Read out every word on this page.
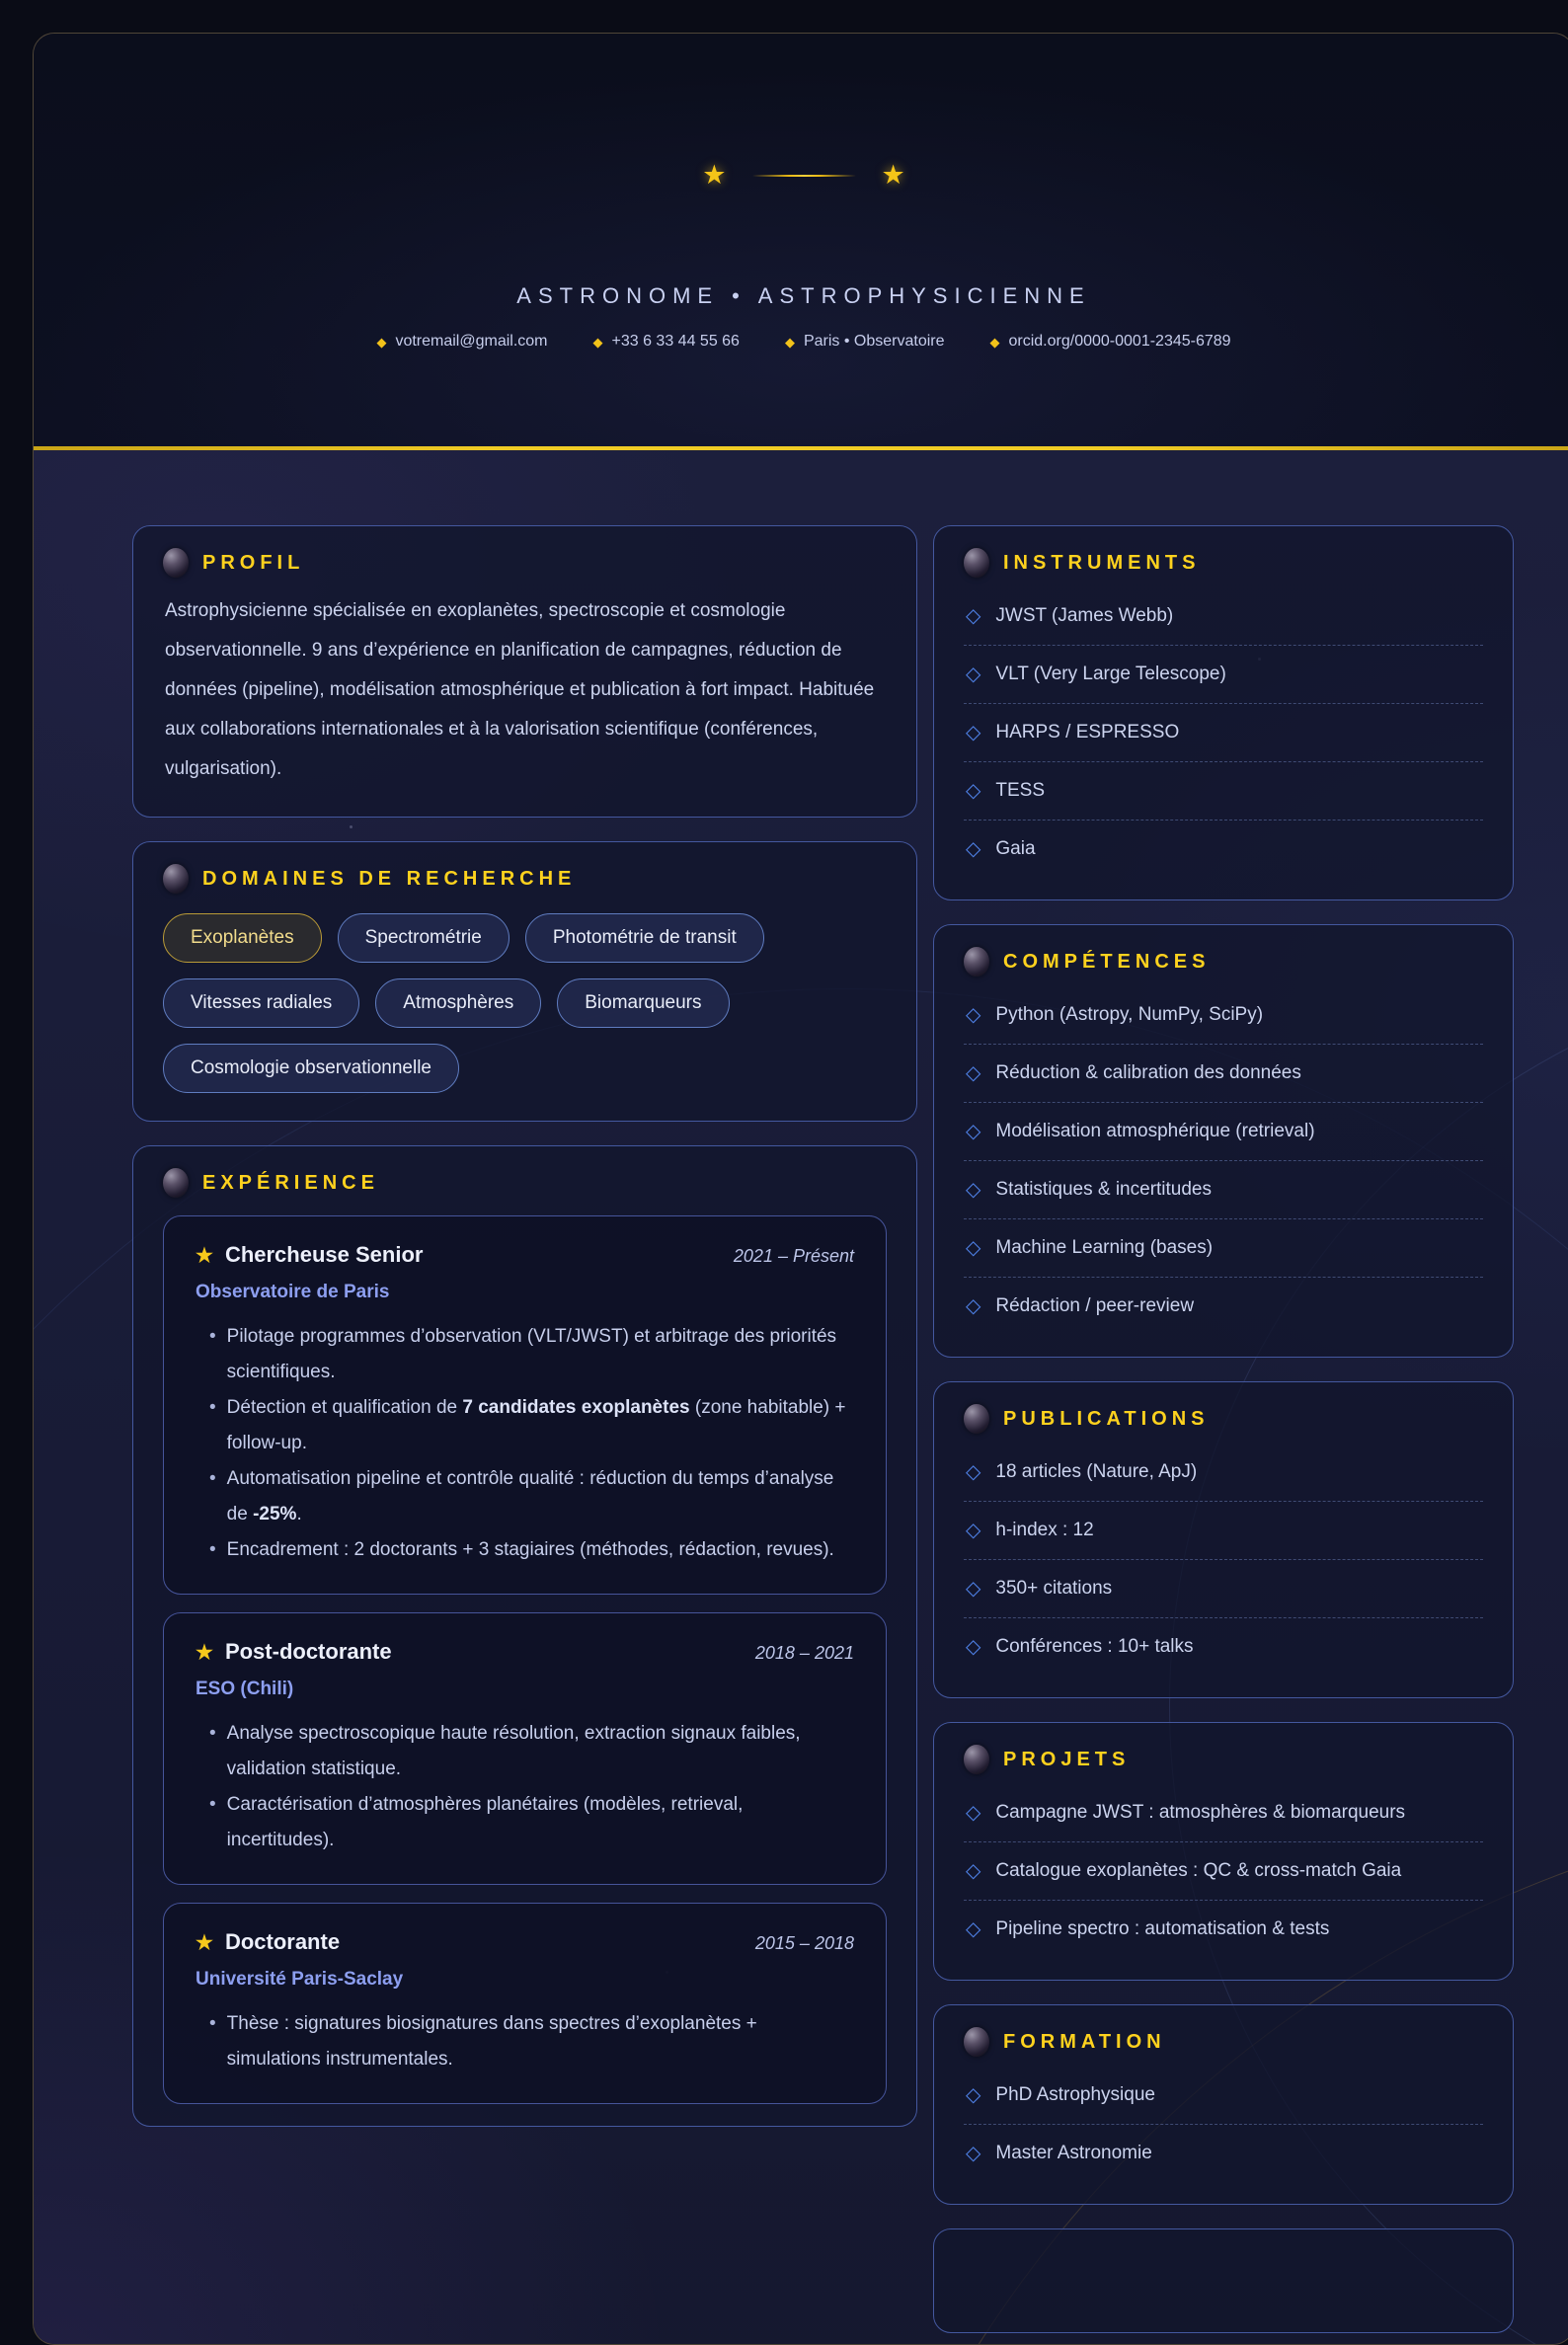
★	★
ASTRONOME • ASTROPHYSICIENNE
◆ votremail@gmail.com	◆ +33 6 33 44 55 66	◆ Paris • Observatoire	◆ orcid.org/0000-0001-2345-6789
PROFIL

Astrophysicienne spécialisée en exoplanètes, spectroscopie et cosmologie observationnelle. 9 ans d’expérience en planification de campagnes, réduction de données (pipeline), modélisation atmosphérique et publication à fort impact. Habituée aux collaborations internationales et à la valorisation scientifique (conférences, vulgarisation).

DOMAINES DE RECHERCHE
Exoplanètes	Spectrométrie	Photométrie de transit
Vitesses radiales	Atmosphères	Biomarqueurs
Cosmologie observationnelle
EXPÉRIENCE
★ Chercheuse Senior	2021 – Présent
Observatoire de Paris
• Pilotage programmes d’observation (VLT/JWST) et arbitrage des priorités scientifiques.
• Détection et qualification de 7 candidates exoplanètes (zone habitable) + follow-up.
• Automatisation pipeline et contrôle qualité : réduction du temps d’analyse de -25%.
• Encadrement : 2 doctorants + 3 stagiaires (méthodes, rédaction, revues).
★ Post-doctorante	2018 – 2021
ESO (Chili)
• Analyse spectroscopique haute résolution, extraction signaux faibles, validation statistique.
• Caractérisation d’atmosphères planétaires (modèles, retrieval, incertitudes).
★ Doctorante	2015 – 2018
Université Paris-Saclay
• Thèse : signatures biosignatures dans spectres d’exoplanètes + simulations instrumentales.
INSTRUMENTS
◇ JWST (James Webb)
◇ VLT (Very Large Telescope)
◇ HARPS / ESPRESSO
◇ TESS
◇ Gaia
COMPÉTENCES
◇ Python (Astropy, NumPy, SciPy)
◇ Réduction & calibration des données
◇ Modélisation atmosphérique (retrieval)
◇ Statistiques & incertitudes
◇ Machine Learning (bases)
◇ Rédaction / peer-review
PUBLICATIONS
◇ 18 articles (Nature, ApJ)
◇ h-index : 12
◇ 350+ citations
◇ Conférences : 10+ talks
PROJETS
◇ Campagne JWST : atmosphères & biomarqueurs
◇ Catalogue exoplanètes : QC & cross-match Gaia
◇ Pipeline spectro : automatisation & tests
FORMATION
◇ PhD Astrophysique
◇ Master Astronomie
